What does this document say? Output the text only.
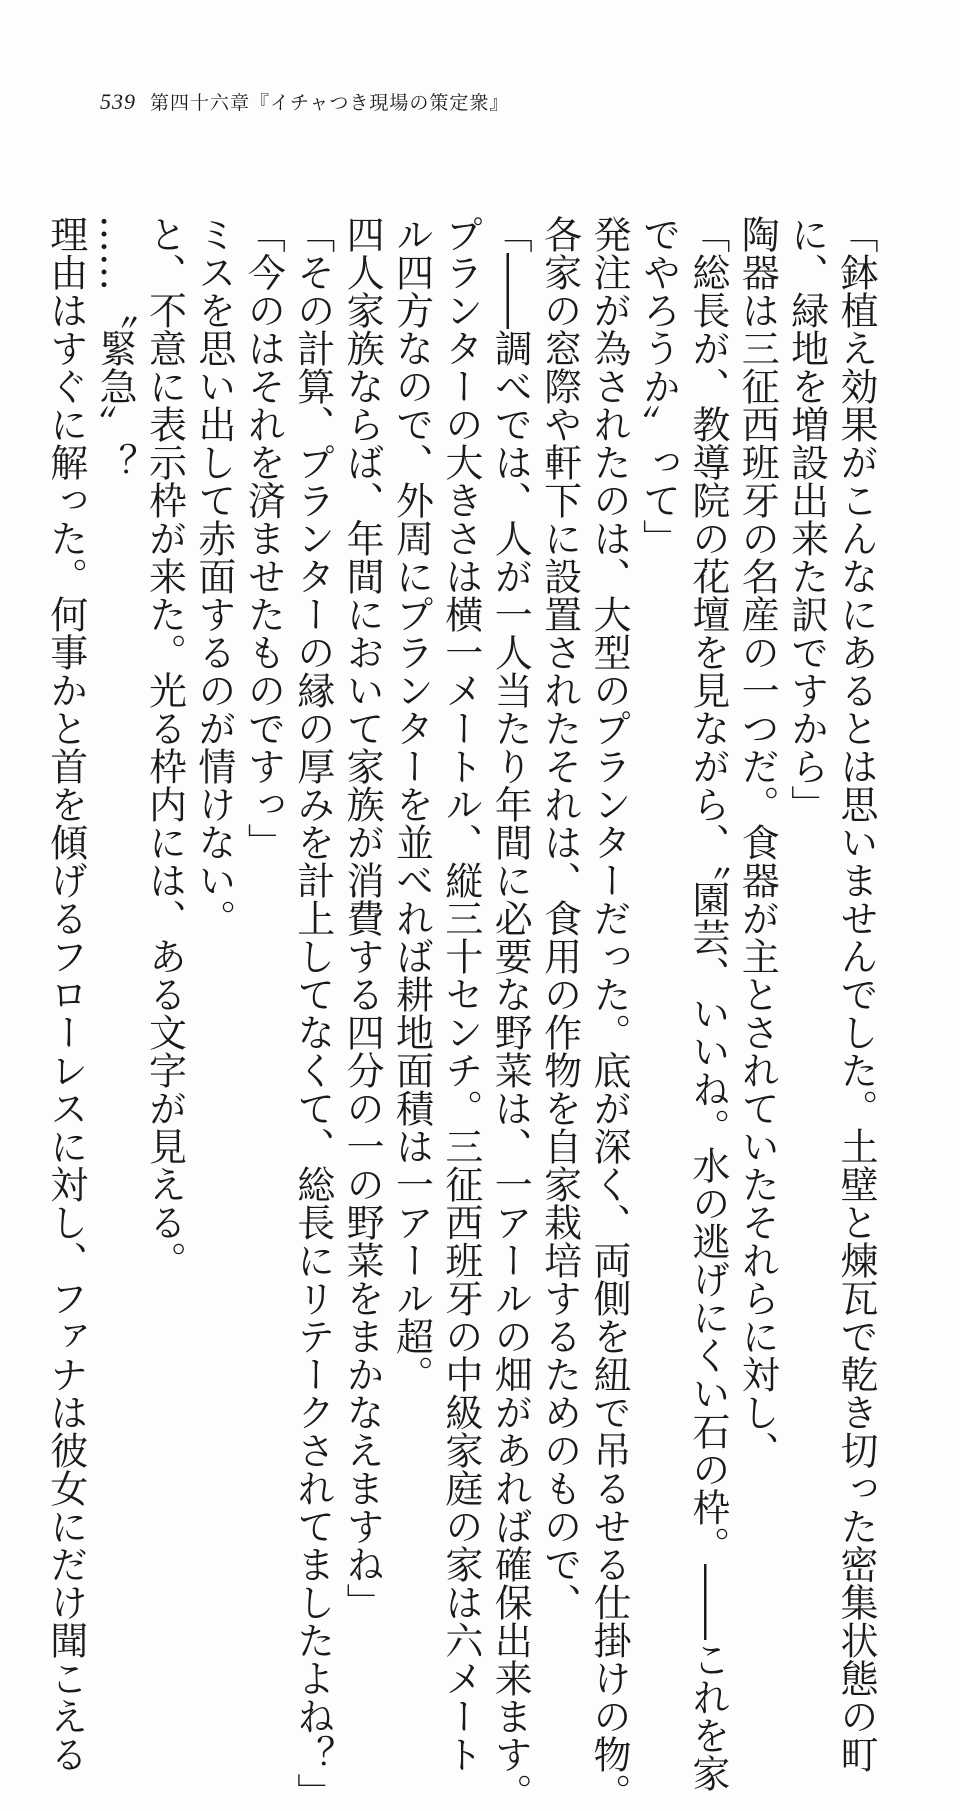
539 第四十六章『イチャつき現場の策定衆』
「鉢植え効果がこんなにあるとは思いませんでした。土壁と煉瓦で乾き切った密集状態の町
に、緑地を増設出来た訳ですから」
陶器は三征西班牙の名産の一つだ。食器が主とされていたそれらに対し、
「総長が、教導院の花壇を見ながら、〝園芸、いいね。水の逃げにくい石の枠。――これを家
でやろうか〟って」
発注が為されたのは、大型のプランターだった。底が深く、両側を紐で吊るせる仕掛けの物。
各家の窓際や軒下に設置されたそれは、食用の作物を自家栽培するためのもので、
「――調べでは、人が一人当たり年間に必要な野菜は、一アールの畑があれば確保出来ます。
プランターの大きさは横一メートル、縦三十センチ。三征西班牙の中級家庭の家は六メート
ル四方なので、外周にプランターを並べれば耕地面積は一アール超。
四人家族ならば、年間において家族が消費する四分の一の野菜をまかなえますね」
「その計算、プランターの縁の厚みを計上してなくて、総長にリテークされてましたよね？」
「今のはそれを済ませたものですっ」
ミスを思い出して赤面するのが情けない。
と、不意に表示枠が来た。光る枠内には、ある文字が見える。
……〝緊急〟？
理由はすぐに解った。何事かと首を傾げるフローレスに対し、ファナは彼女にだけ聞こえる
